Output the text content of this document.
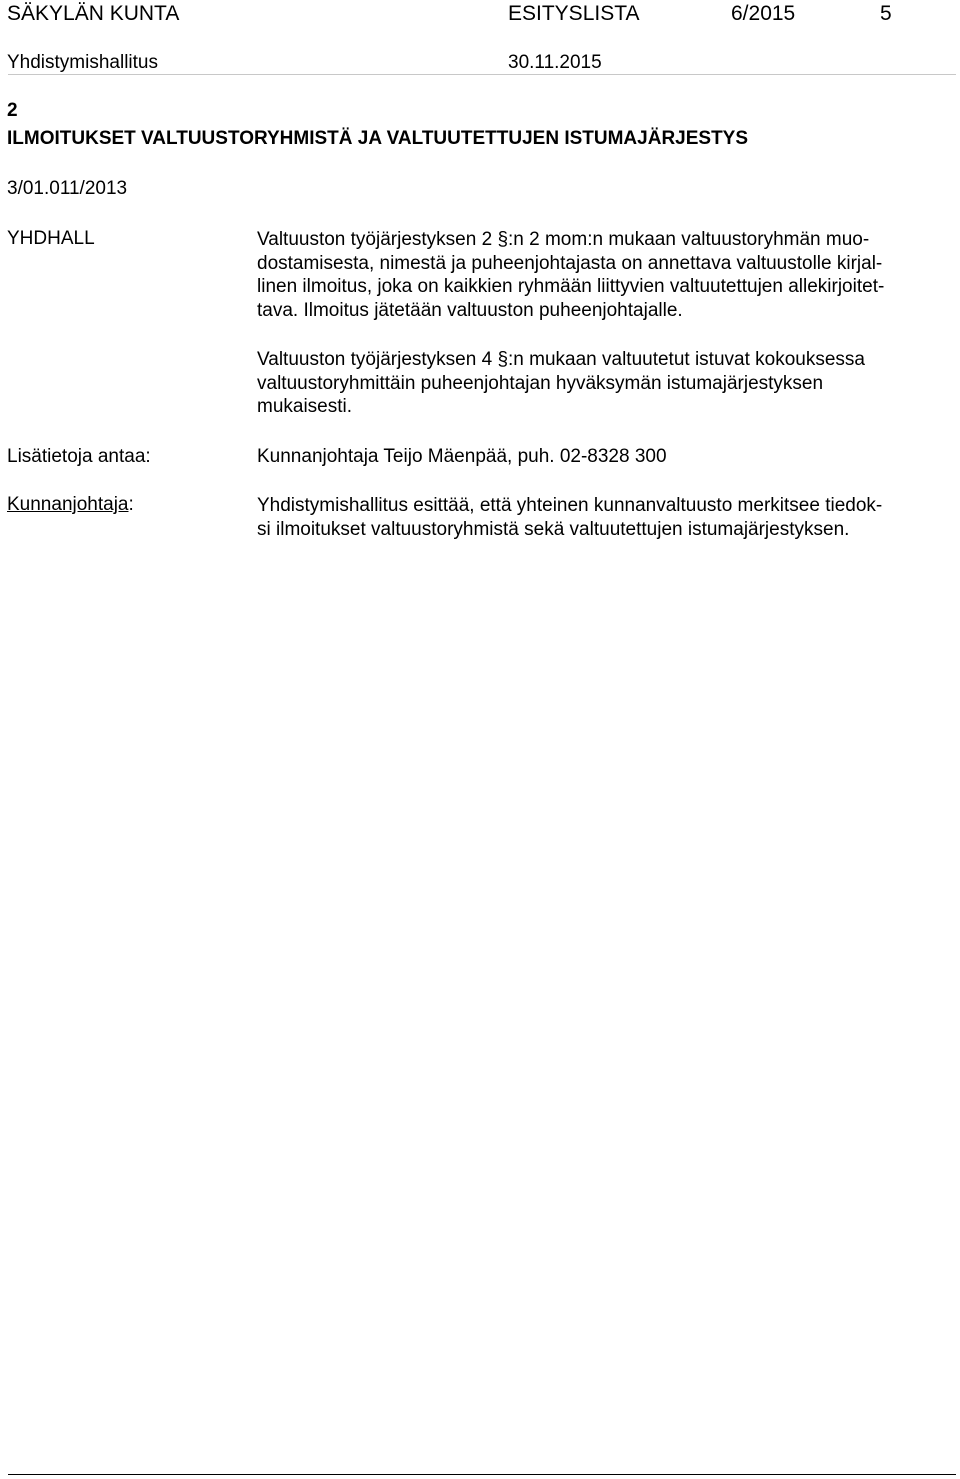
SÄKYLÄN KUNTA	ESITYSLISTA	6/2015	5
Yhdistymishallitus	30.11.2015
2
ILMOITUKSET VALTUUSTORYHMISTÄ JA VALTUUTETTUJEN ISTUMAJÄRJESTYS
3/01.011/2013
YHDHALL	Valtuuston työjärjestyksen 2 §:n 2 mom:n mukaan valtuustoryhmän muo-
dostamisesta, nimestä ja puheenjohtajasta on annettava valtuustolle kirjal-
linen ilmoitus, joka on kaikkien ryhmään liittyvien valtuutettujen allekirjoitet-
tava. Ilmoitus jätetään valtuuston puheenjohtajalle.
Valtuuston työjärjestyksen 4 §:n mukaan valtuutetut istuvat kokouksessa
valtuustoryhmittäin puheenjohtajan hyväksymän istumajärjestyksen
mukaisesti.
Lisätietoja antaa:	Kunnanjohtaja Teijo Mäenpää, puh. 02-8328 300
Kunnanjohtaja:	Yhdistymishallitus esittää, että yhteinen kunnanvaltuusto merkitsee tiedok-
si ilmoitukset valtuustoryhmistä sekä valtuutettujen istumajärjestyksen.
